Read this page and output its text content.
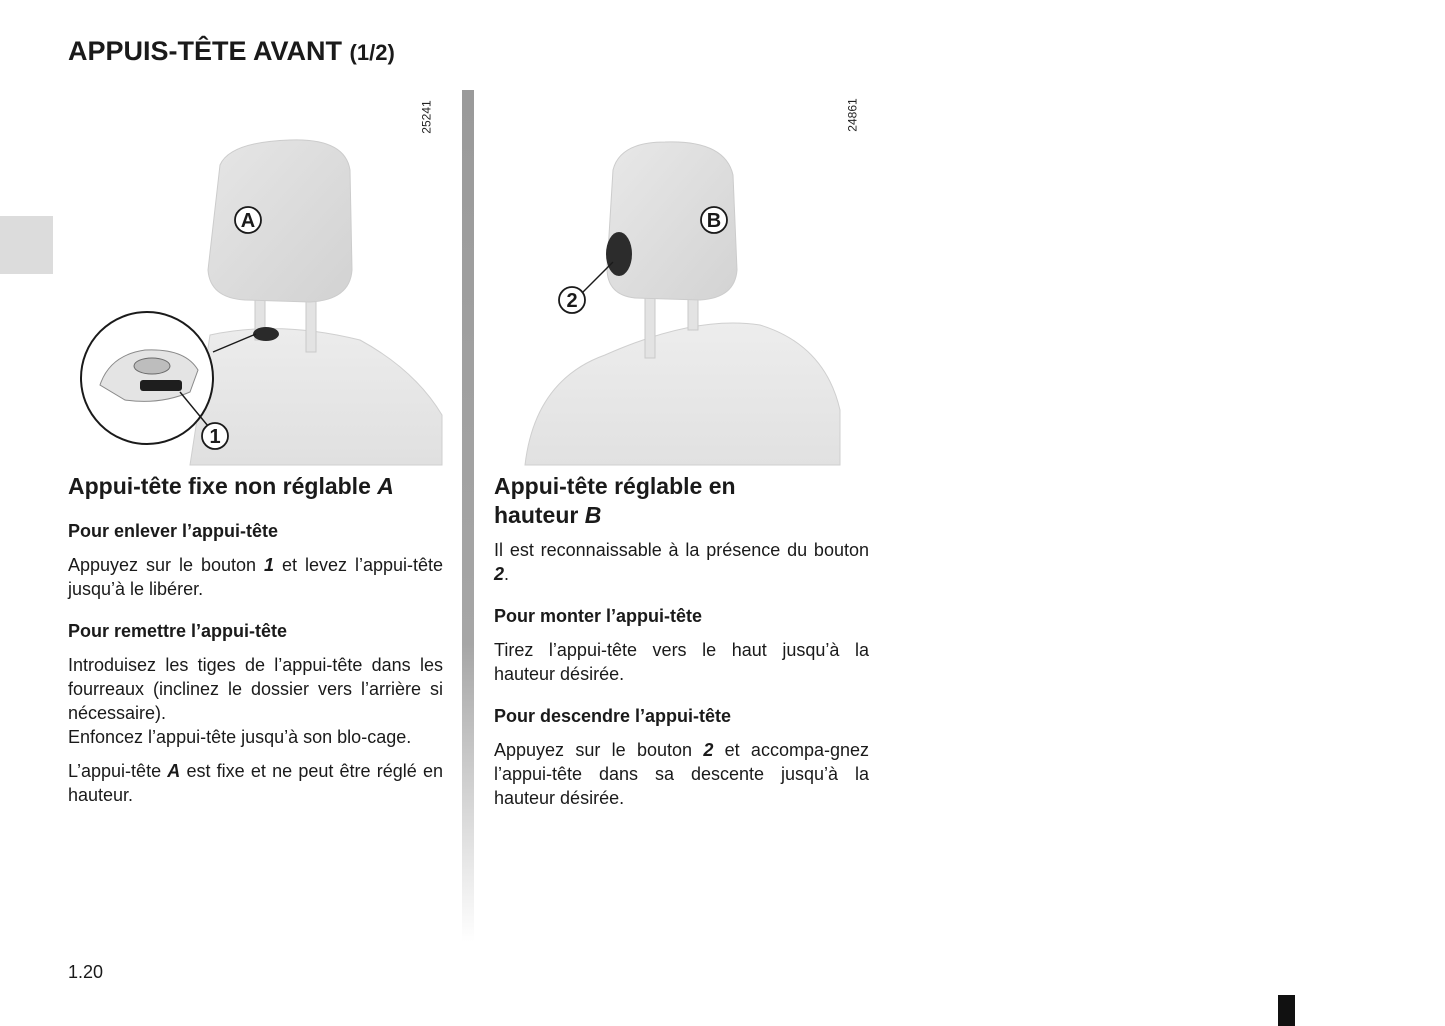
APPUIS-TÊTE AVANT (1/2)
25241
A
1
24861
B
2
Appui-tête fixe non réglable A
Pour enlever l’appui-tête

Appuyez sur le bouton 1 et levez l’appui-tête jusqu’à le libérer.

Pour remettre l’appui-tête

Introduisez les tiges de l’appui-tête dans les fourreaux (inclinez le dossier vers l’arrière si nécessaire).

Enfoncez l’appui-tête jusqu’à son blo-cage.

L’appui-tête A est fixe et ne peut être réglé en hauteur.

Appui-tête réglable en hauteur B

Il est reconnaissable à la présence du bouton 2.

Pour monter l’appui-tête

Tirez l’appui-tête vers le haut jusqu’à la hauteur désirée.

Pour descendre l’appui-tête

Appuyez sur le bouton 2 et accompa-gnez l’appui-tête dans sa descente jusqu’à la hauteur désirée.

1.20
